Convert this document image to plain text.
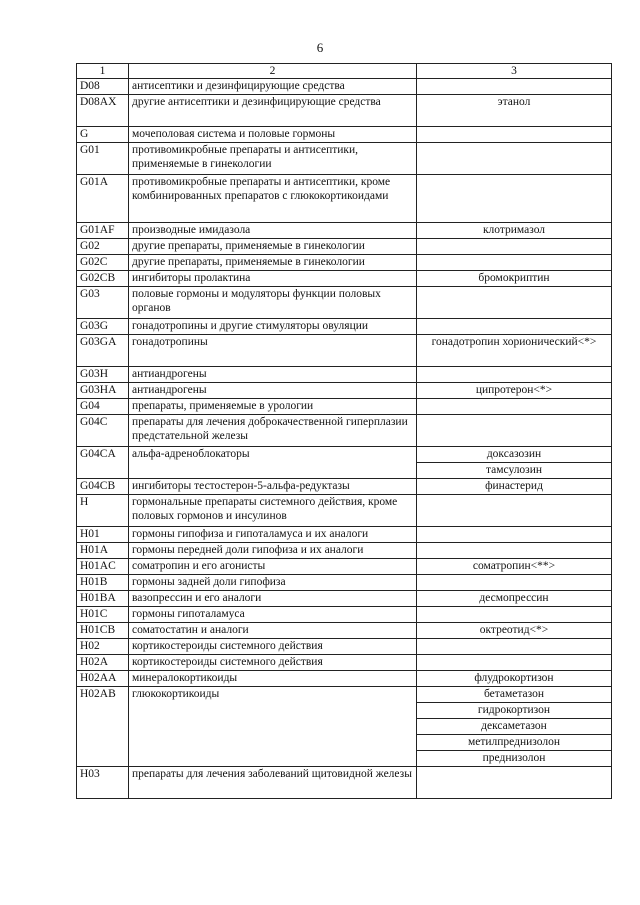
6
1	2	3
D08	антисептики и дезинфицирующие средства	
D08AX	другие антисептики и дезинфицирующие средства	этанол
G	мочеполовая система и половые гормоны	
G01	противомикробные препараты и антисептики, применяемые в гинекологии	
G01A	противомикробные препараты и антисептики, кроме комбинированных препаратов с глюкокортикоидами	
G01AF	производные имидазола	клотримазол
G02	другие препараты, применяемые в гинекологии	
G02C	другие препараты, применяемые в гинекологии	
G02CB	ингибиторы пролактина	бромокриптин
G03	половые гормоны и модуляторы функции половых органов	
G03G	гонадотропины и другие стимуляторы овуляции	
G03GA	гонадотропины	гонадотропин хорионический<*>
G03H	антиандрогены	
G03HA	антиандрогены	ципротерон<*>
G04	препараты, применяемые в урологии	
G04C	препараты для лечения доброкачественной гиперплазии предстательной железы	
G04CA	альфа-адреноблокаторы	доксазозин
		тамсулозин
G04CB	ингибиторы тестостерон-5-альфа-редуктазы	финастерид
H	гормональные препараты системного действия, кроме половых гормонов и инсулинов	
H01	гормоны гипофиза и гипоталамуса и их аналоги	
H01A	гормоны передней доли гипофиза и их аналоги	
H01AC	соматропин и его агонисты	соматропин<**>
H01B	гормоны задней доли гипофиза	
H01BA	вазопрессин и его аналоги	десмопрессин
H01C	гормоны гипоталамуса	
H01CB	соматостатин и аналоги	октреотид<*>
H02	кортикостероиды системного действия	
H02A	кортикостероиды системного действия	
H02AA	минералокортикоиды	флудрокортизон
H02AB	глюкокортикоиды	бетаметазон
		гидрокортизон
		дексаметазон
		метилпреднизолон
		преднизолон
H03	препараты для лечения заболеваний щитовидной железы	
